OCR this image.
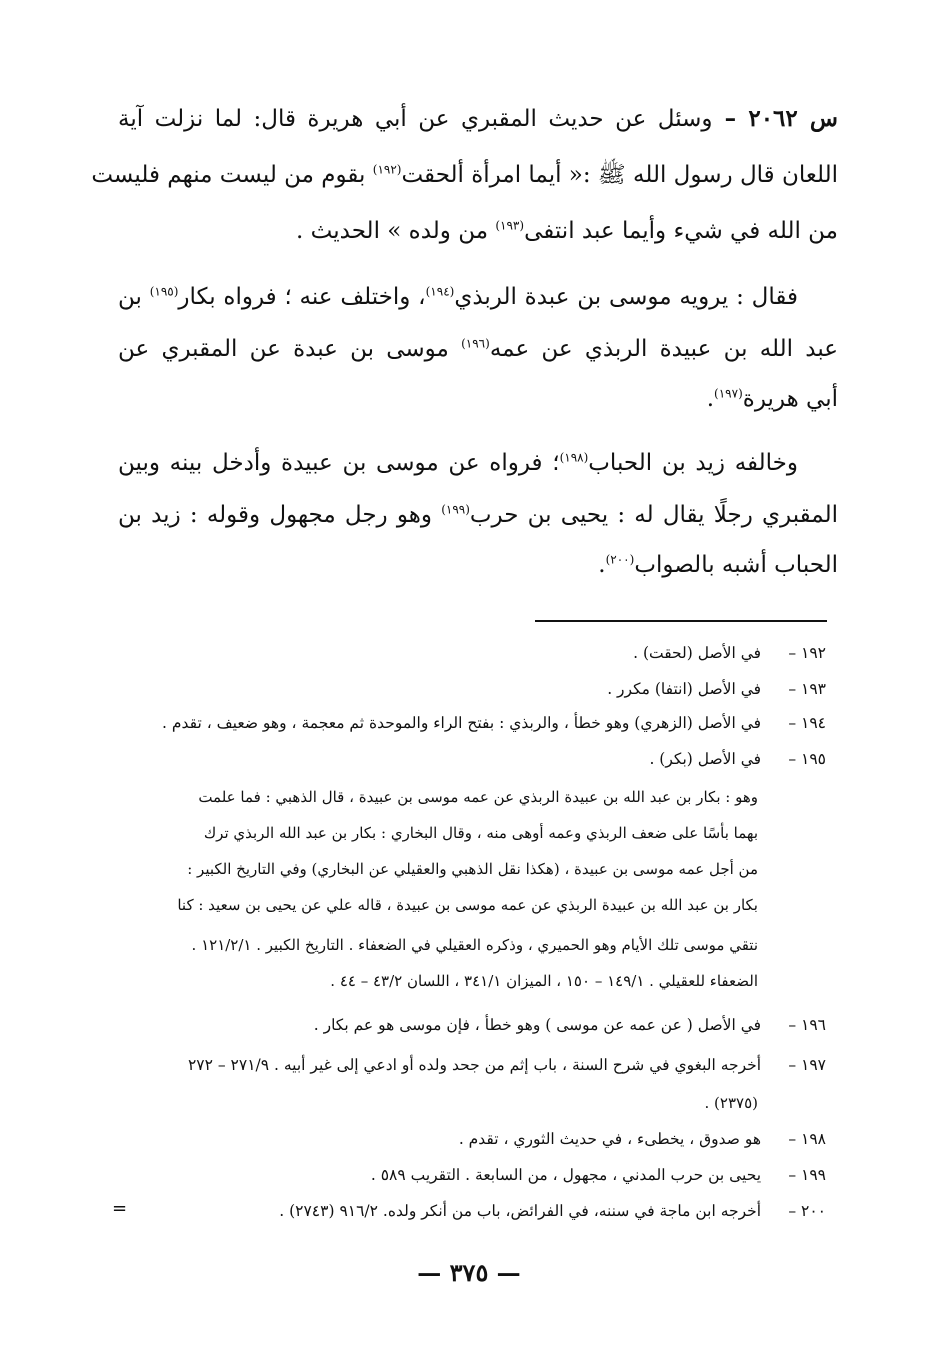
س ٢٠٦٢ – وسئل عن حديث المقبري عن أبي هريرة قال: لما نزلت آية
اللعان قال رسول الله ﷺ :« أيما امرأة ألحقت$^{(١٩٢)}$ بقوم من ليست منهم فليست
من الله في شيء وأيما عبد انتفى$^{(١٩٣)}$ من ولده » الحديث .
فقال : يرويه موسى بن عبدة الربذي$^{(١٩٤)}$، واختلف عنه ؛ فرواه بكار$^{(١٩٥)}$ بن
عبد الله بن عبيدة الربذي عن عمه$^{(١٩٦)}$ موسى بن عبدة عن المقبري عن
أبي هريرة$^{(١٩٧)}$.
وخالفه زيد بن الحباب$^{(١٩٨)}$؛ فرواه عن موسى بن عبيدة وأدخل بينه وبين
المقبري رجلًا يقال له : يحيى بن حرب$^{(١٩٩)}$ وهو رجل مجهول وقوله : زيد بن
الحباب أشبه بالصواب$^{(٢٠٠)}$.
١٩٢ – في الأصل (لحقت) .
١٩٣ – في الأصل (انتفا) مكرر .
١٩٤ – في الأصل (الزهري) وهو خطأ ، والربذي : بفتح الراء والموحدة ثم معجمة ، وهو ضعيف ، تقدم .
١٩٥ – في الأصل (بكر) .
وهو : بكار بن عبد الله بن عبيدة الربذي عن عمه موسى بن عبيدة ، قال الذهبي : فما علمت
بهما بأسًا على ضعف الربذي وعمه أوهى منه ، وقال البخاري : بكار بن عبد الله الربذي ترك
من أجل عمه موسى بن عبيدة ، (هكذا نقل الذهبي والعقيلي عن البخاري) وفي التاريخ الكبير :
بكار بن عبد الله بن عبيدة الربذي عن عمه موسى بن عبيدة ، قاله علي عن يحيى بن سعيد : كنا
نتقي موسى تلك الأيام وهو الحميري ، وذكره العقيلي في الضعفاء . التاريخ الكبير . ١٢١/٢/١ .
الضعفاء للعقيلي . ١٤٩/١ – ١٥٠ ، الميزان ٣٤١/١ ، اللسان ٤٣/٢ – ٤٤ .
١٩٦ – في الأصل ( عن عمه عن موسى ) وهو خطأ ، فإن موسى هو عم بكار .
١٩٧ – أخرجه البغوي في شرح السنة ، باب إثم من جحد ولده أو ادعي إلى غير أبيه . ٢٧١/٩ – ٢٧٢
(٢٣٧٥) .
١٩٨ – هو صدوق ، يخطىء ، في حديث الثوري ، تقدم .
١٩٩ – يحيى بن حرب المدني ، مجهول ، من السابعة . التقريب ٥٨٩ .
٢٠٠ – أخرجه ابن ماجة في سننه، في الفرائض، باب من أنكر ولده. ٩١٦/٢ (٢٧٤٣) .
=
— ٣٧٥ —
